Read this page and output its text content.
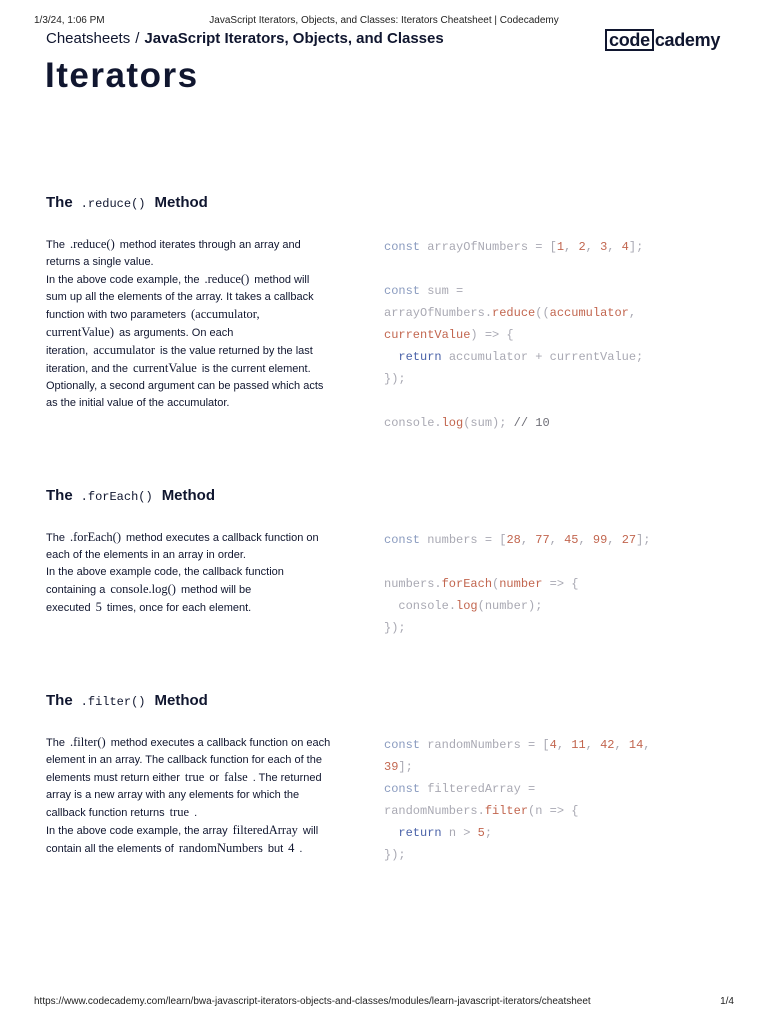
1/3/24, 1:06 PM	JavaScript Iterators, Objects, and Classes: Iterators Cheatsheet | Codecademy
Cheatsheets / JavaScript Iterators, Objects, and Classes	code cademy
Iterators
The .reduce() Method

The .reduce() method iterates through an array and returns a single value.

In the above code example, the .reduce() method will sum up all the elements of the array. It takes a callback function with two parameters (accumulator, currentValue) as arguments. On each iteration, accumulator is the value returned by the last iteration, and the currentValue is the current element. Optionally, a second argument can be passed which acts as the initial value of the accumulator.

const arrayOfNumbers = [1, 2, 3, 4];

const sum =
arrayOfNumbers.reduce((accumulator,
currentValue) => {
return accumulator + currentValue;
});

console.log(sum); // 10
The .forEach() Method

The .forEach() method executes a callback function on each of the elements in an array in order.

In the above example code, the callback function containing a console.log() method will be executed 5 times, once for each element.

const numbers = [28, 77, 45, 99, 27];

numbers.forEach(number => {
console.log(number);
});
The .filter() Method

The .filter() method executes a callback function on each element in an array. The callback function for each of the elements must return either true or false . The returned array is a new array with any elements for which the callback function returns true .

In the above code example, the array filteredArray will contain all the elements of randomNumbers but 4 .

const randomNumbers = [4, 11, 42, 14,
39];
const filteredArray =
randomNumbers.filter(n => {
return n > 5;
});
https://www.codecademy.com/learn/bwa-javascript-iterators-objects-and-classes/modules/learn-javascript-iterators/cheatsheet	1/4
